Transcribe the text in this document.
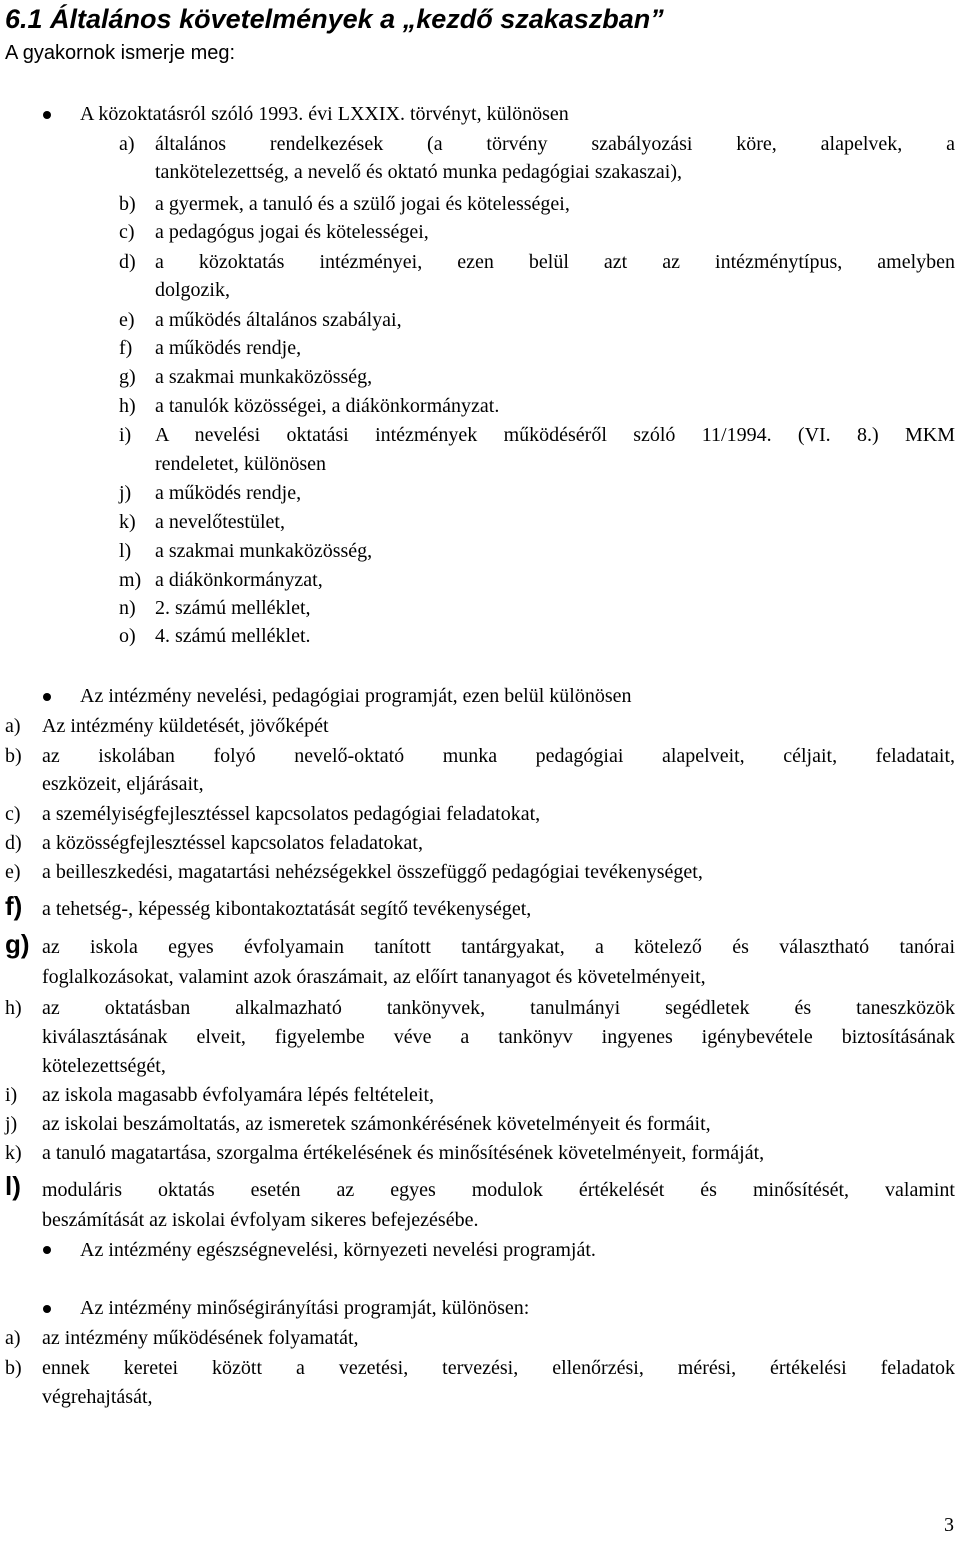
6.1 Általános követelmények a „kezdő szakaszban”
A gyakornok ismerje meg:
A közoktatásról szóló 1993. évi LXXIX. törvényt, különösen
a) általános rendelkezések (a törvény szabályozási köre, alapelvek, a
tankötelezettség, a nevelő és oktató munka pedagógiai szakaszai),
b) a gyermek, a tanuló és a szülő jogai és kötelességei,
c) a pedagógus jogai és kötelességei,
d) a közoktatás intézményei, ezen belül azt az intézménytípus, amelyben
dolgozik,
e) a működés általános szabályai,
f) a működés rendje,
g) a szakmai munkaközösség,
h) a tanulók közösségei, a diákönkormányzat.
i) A nevelési oktatási intézmények működéséről szóló 11/1994. (VI. 8.) MKM
rendeletet, különösen
j) a működés rendje,
k) a nevelőtestület,
l) a szakmai munkaközösség,
m) a diákönkormányzat,
n) 2. számú melléklet,
o) 4. számú melléklet.
Az intézmény nevelési, pedagógiai programját, ezen belül különösen
a) Az intézmény küldetését, jövőképét
b) az iskolában folyó nevelő-oktató munka pedagógiai alapelveit, céljait, feladatait,
eszközeit, eljárásait,
c) a személyiségfejlesztéssel kapcsolatos pedagógiai feladatokat,
d) a közösségfejlesztéssel kapcsolatos feladatokat,
e) a beilleszkedési, magatartási nehézségekkel összefüggő pedagógiai tevékenységet,
f) a tehetség-, képesség kibontakoztatását segítő tevékenységet,
g) az iskola egyes évfolyamain tanított tantárgyakat, a kötelező és választható tanórai
foglalkozásokat, valamint azok óraszámait, az előírt tananyagot és követelményeit,
h) az oktatásban alkalmazható tankönyvek, tanulmányi segédletek és taneszközök
kiválasztásának elveit, figyelembe véve a tankönyv ingyenes igénybevétele biztosításának
kötelezettségét,
i) az iskola magasabb évfolyamára lépés feltételeit,
j) az iskolai beszámoltatás, az ismeretek számonkérésének követelményeit és formáit,
k) a tanuló magatartása, szorgalma értékelésének és minősítésének követelményeit, formáját,
l) moduláris oktatás esetén az egyes modulok értékelését és minősítését, valamint
beszámítását az iskolai évfolyam sikeres befejezésébe.
Az intézmény egészségnevelési, környezeti nevelési programját.
Az intézmény minőségirányítási programját, különösen:
a) az intézmény működésének folyamatát,
b) ennek keretei között a vezetési, tervezési, ellenőrzési, mérési, értékelési feladatok
végrehajtását,
3
